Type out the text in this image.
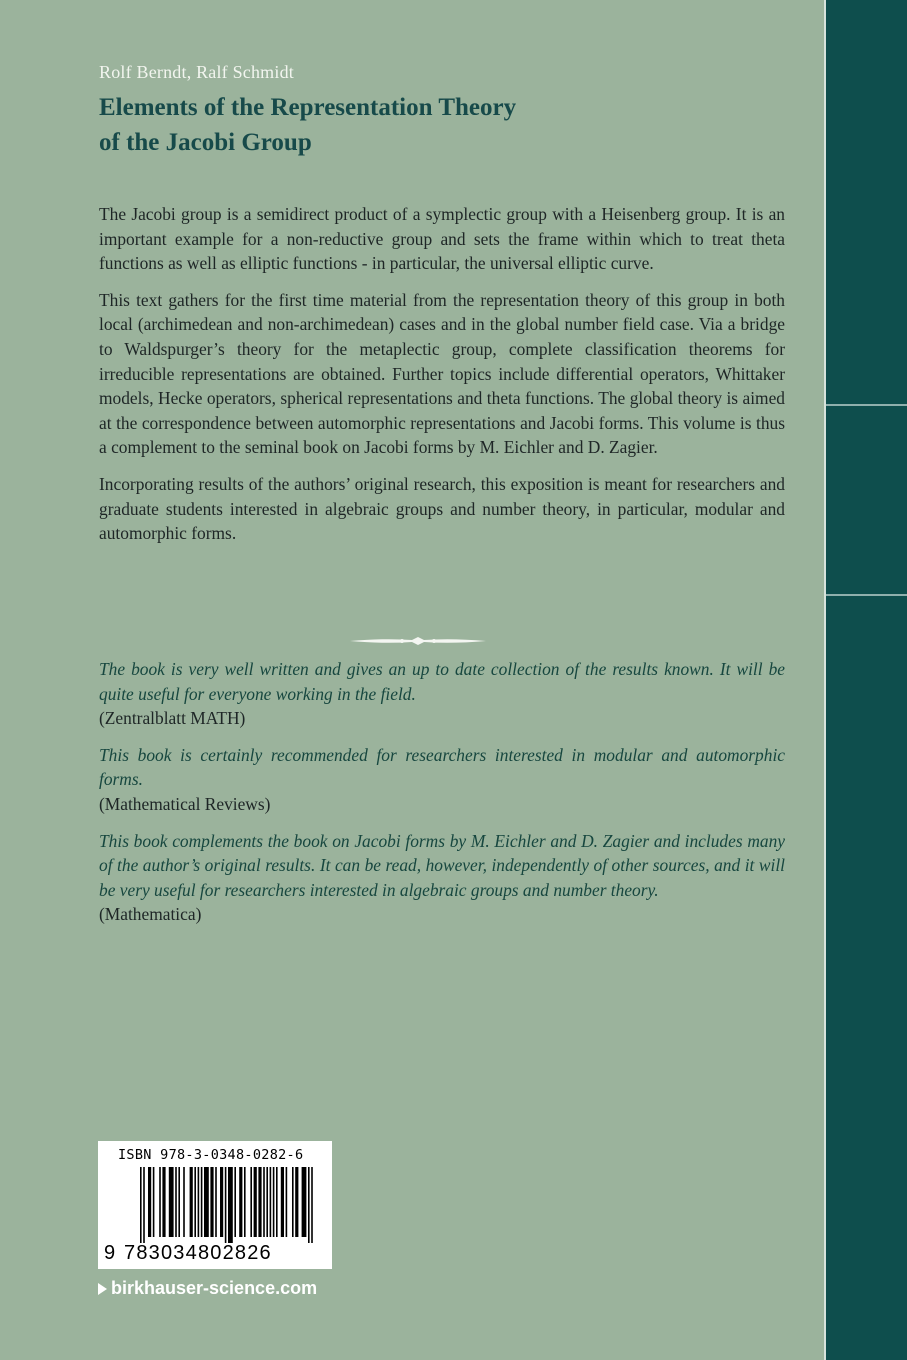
Rolf Berndt, Ralf Schmidt
Elements of the Representation Theory
of the Jacobi Group

The Jacobi group is a semidirect product of a symplectic group with a Heisenberg group. It is an important example for a non-reductive group and sets the frame within which to treat theta functions as well as elliptic functions - in particular, the universal elliptic curve.

This text gathers for the first time material from the representation theory of this group in both local (archimedean and non-archimedean) cases and in the global number field case. Via a bridge to Waldspurger’s theory for the metaplectic group, complete classification theorems for irreducible representations are obtained. Further topics include differential operators, Whittaker models, Hecke operators, spherical representations and theta functions. The global theory is aimed at the correspondence between automorphic representations and Jacobi forms. This volume is thus a complement to the seminal book on Jacobi forms by M. Eichler and D. Zagier.

Incorporating results of the authors’ original research, this exposition is meant for researchers and graduate students interested in algebraic groups and number theory, in particular, modular and automorphic forms.

The book is very well written and gives an up to date collection of the results known. It will be quite useful for everyone working in the field.
(Zentralblatt MATH)
This book is certainly recommended for researchers interested in modular and automorphic forms.
(Mathematical Reviews)
This book complements the book on Jacobi forms by M. Eichler and D. Zagier and includes many of the author’s original results. It can be read, however, independently of other sources, and it will be very useful for researchers interested in algebraic groups and number theory.
(Mathematica)
ISBN 978-3-0348-0282-6
9 783034802826
birkhauser-science.com
